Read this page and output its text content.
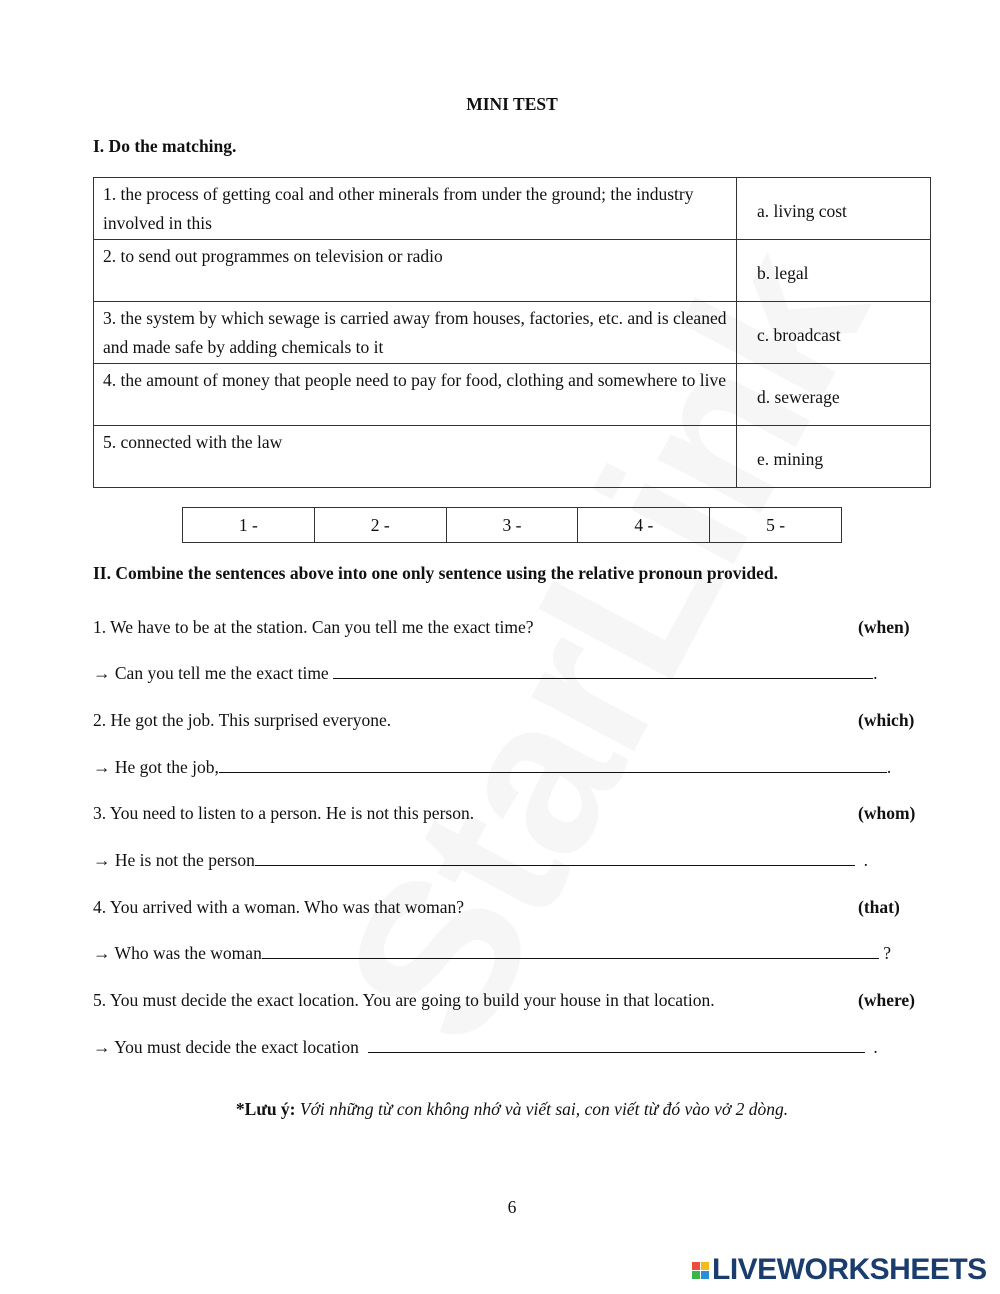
MINI TEST
I. Do the matching.
1. the process of getting coal and other minerals from under the ground; the industry involved in this	a. living cost
2. to send out programmes on television or radio	b. legal
3. the system by which sewage is carried away from houses, factories, etc. and is cleaned and made safe by adding chemicals to it	c. broadcast
4. the amount of money that people need to pay for food, clothing and somewhere to live	d. sewerage
5. connected with the law	e. mining
1 -	2 -	3 -	4 -	5 -
II. Combine the sentences above into one only sentence using the relative pronoun provided.
1. We have to be at the station. Can you tell me the exact time?	(when)
→ Can you tell me the exact time	.
2. He got the job. This surprised everyone.	(which)
→ He got the job,	.
3. You need to listen to a person. He is not this person.	(whom)
→ He is not the person	.
4. You arrived with a woman. Who was that woman?	(that)
→ Who was the woman	?
5. You must decide the exact location. You are going to build your house in that location.	(where)
→ You must decide the exact location	.
*Lưu ý: Với những từ con không nhớ và viết sai, con viết từ đó vào vở 2 dòng.
6
LIVEWORKSHEETS
